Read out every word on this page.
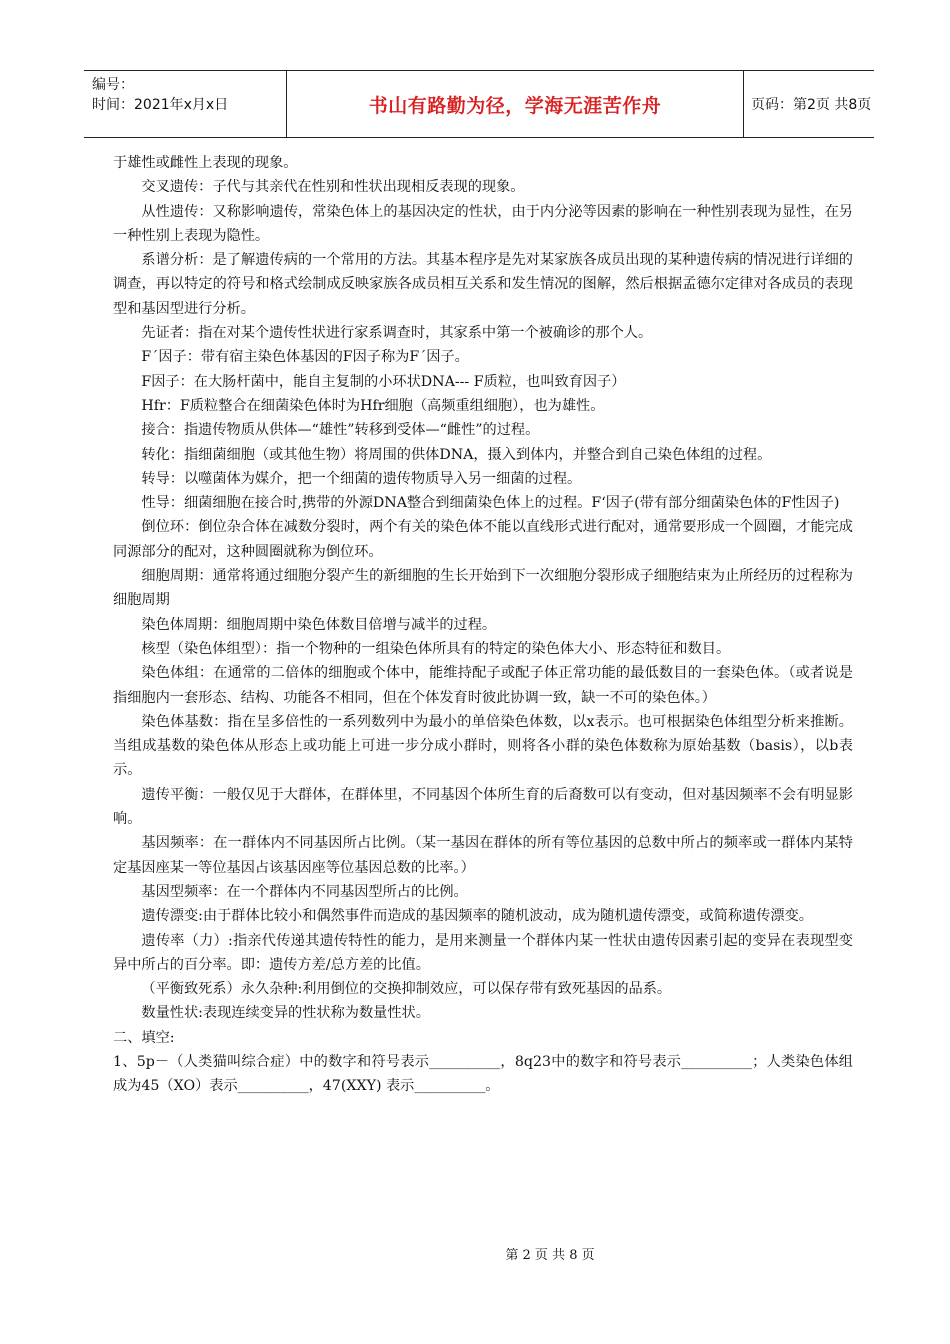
编号：
时间：2021年x月x日	书山有路勤为径，学海无涯苦作舟	页码：第2页 共8页

于雄性或雌性上表现的现象。

交叉遗传：子代与其亲代在性别和性状出现相反表现的现象。

从性遗传：又称影响遗传，常染色体上的基因决定的性状，由于内分泌等因素的影响在一种性别表现为显性，在另一种性别上表现为隐性。

系谱分析：是了解遗传病的一个常用的方法。其基本程序是先对某家族各成员出现的某种遗传病的情况进行详细的调查，再以特定的符号和格式绘制成反映家族各成员相互关系和发生情况的图解，然后根据孟德尔定律对各成员的表现型和基因型进行分析。

先证者：指在对某个遗传性状进行家系调查时，其家系中第一个被确诊的那个人。

F´因子：带有宿主染色体基因的F因子称为F´因子。

F因子：在大肠杆菌中，能自主复制的小环状DNA--- F质粒，也叫致育因子）

Hfr：F质粒整合在细菌染色体时为Hfr细胞（高频重组细胞），也为雄性。

接合：指遗传物质从供体—“雄性”转移到受体—“雌性”的过程。

转化：指细菌细胞（或其他生物）将周围的供体DNA，摄入到体内，并整合到自己染色体组的过程。

转导：以噬菌体为媒介，把一个细菌的遗传物质导入另一细菌的过程。

性导：细菌细胞在接合时,携带的外源DNA整合到细菌染色体上的过程。F‘因子(带有部分细菌染色体的F性因子)

倒位环：倒位杂合体在减数分裂时，两个有关的染色体不能以直线形式进行配对，通常要形成一个圆圈，才能完成同源部分的配对，这种圆圈就称为倒位环。

细胞周期：通常将通过细胞分裂产生的新细胞的生长开始到下一次细胞分裂形成子细胞结束为止所经历的过程称为细胞周期

染色体周期：细胞周期中染色体数目倍增与减半的过程。

核型（染色体组型）：指一个物种的一组染色体所具有的特定的染色体大小、形态特征和数目。

染色体组：在通常的二倍体的细胞或个体中，能维持配子或配子体正常功能的最低数目的一套染色体。（或者说是指细胞内一套形态、结构、功能各不相同，但在个体发育时彼此协调一致，缺一不可的染色体。）

染色体基数：指在呈多倍性的一系列数列中为最小的单倍染色体数，以x表示。也可根据染色体组型分析来推断。当组成基数的染色体从形态上或功能上可进一步分成小群时，则将各小群的染色体数称为原始基数（basis），以b表示。

遗传平衡：一般仅见于大群体，在群体里，不同基因个体所生育的后裔数可以有变动，但对基因频率不会有明显影响。

基因频率：在一群体内不同基因所占比例。（某一基因在群体的所有等位基因的总数中所占的频率或一群体内某特定基因座某一等位基因占该基因座等位基因总数的比率。）

基因型频率：在一个群体内不同基因型所占的比例。

遗传漂变:由于群体比较小和偶然事件而造成的基因频率的随机波动，成为随机遗传漂变，或简称遗传漂变。

遗传率（力）:指亲代传递其遗传特性的能力，是用来测量一个群体内某一性状由遗传因素引起的变异在表现型变异中所占的百分率。即：遗传方差/总方差的比值。

（平衡致死系）永久杂种:利用倒位的交换抑制效应，可以保存带有致死基因的品系。

数量性状:表现连续变异的性状称为数量性状。

二、填空:

1、5p－（人类猫叫综合症）中的数字和符号表示__________，8q23中的数字和符号表示__________；人类染色体组成为45（XO）表示__________，47(XXY) 表示__________。

第 2 页 共 8 页
